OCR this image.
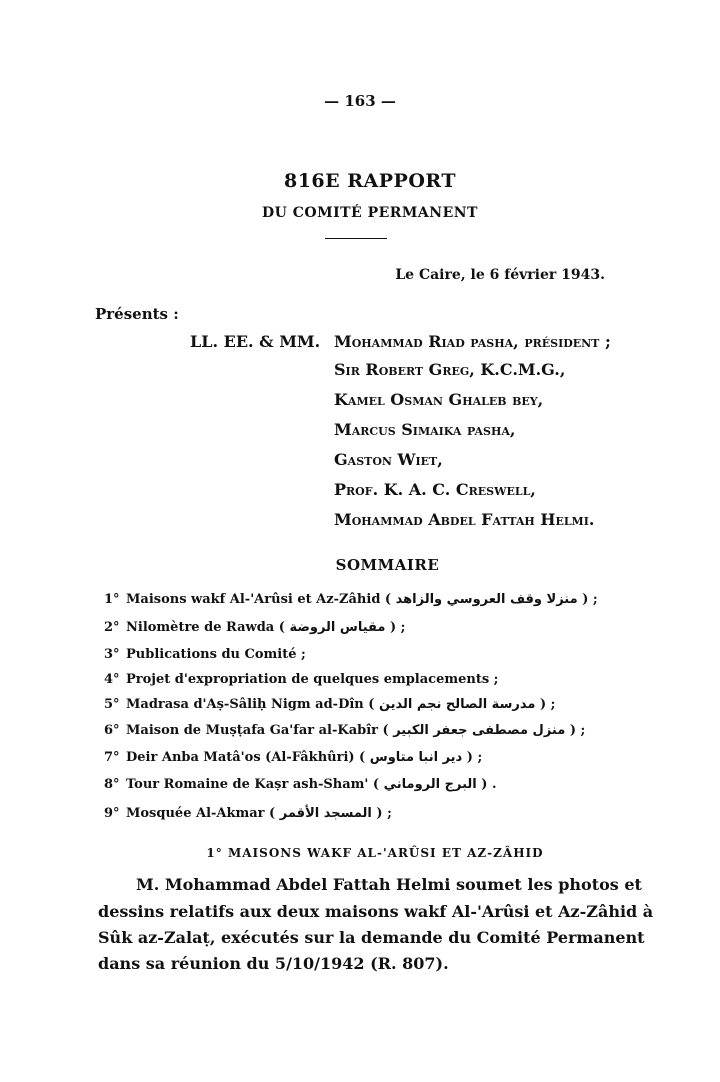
— 163 —
816E RAPPORT
DU COMITÉ PERMANENT
Le Caire, le 6 février 1943.
Présents :
LL. EE. & MM. Mohammad Riad pasha, président ;
Sir Robert Greg, K.C.M.G.,
Kamel Osman Ghaleb bey,
Marcus Simaika pasha,
Gaston Wiet,
Prof. K. A. C. Creswell,
Mohammad Abdel Fattah Helmi.
SOMMAIRE
1° Maisons wakf Al-'Arûsi et Az-Zâhid ( منزلا وقف العروسي والزاهد ) ;
2° Nilomètre de Rawda ( مقياس الروضة ) ;
3° Publications du Comité ;
4° Projet d'expropriation de quelques emplacements ;
5° Madrasa d'Aṣ-Sâliḥ Nigm ad-Dîn ( مدرسة الصالح نجم الدين ) ;
6° Maison de Muṣṭafa Ga'far al-Kabîr ( منزل مصطفى جعفر الكبير ) ;
7° Deir Anba Matâ'os (Al-Fâkhûri) ( دير انبا متاوس ) ;
8° Tour Romaine de Kaṣr ash-Sham' ( البرج الروماني ) .
9° Mosquée Al-Akmar ( المسجد الأقمر ) ;
1° MAISONS WAKF AL-'ARÛSI ET AZ-ZÂHID
M. Mohammad Abdel Fattah Helmi soumet les photos et
dessins relatifs aux deux maisons wakf Al-'Arûsi et Az-Zâhid à
Sûk az-Zalaṭ, exécutés sur la demande du Comité Permanent
dans sa réunion du 5/10/1942 (R. 807).
